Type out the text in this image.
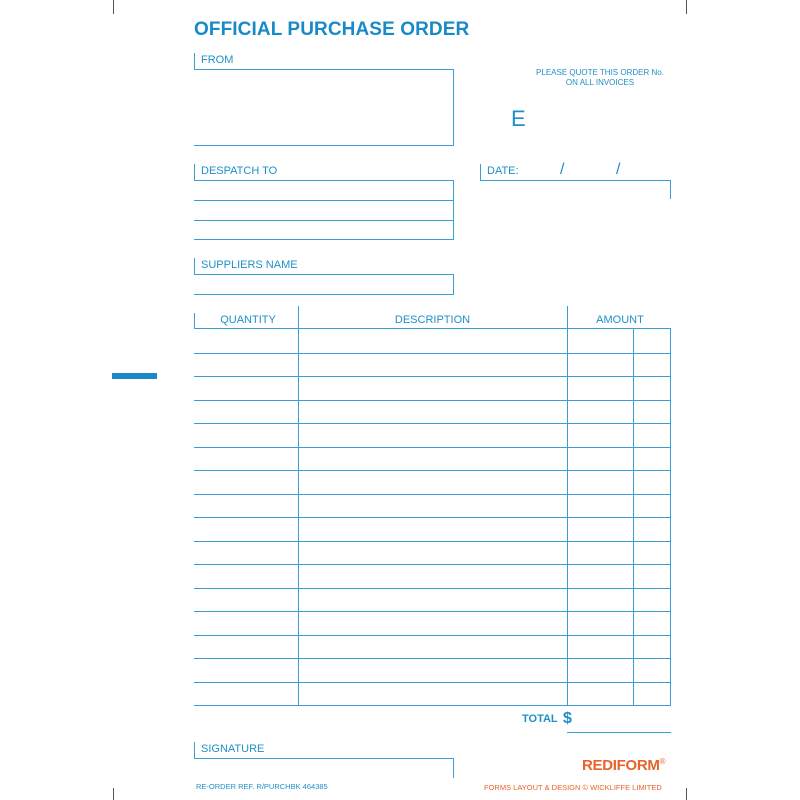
OFFICIAL PURCHASE ORDER
FROM
PLEASE QUOTE THIS ORDER No.
ON ALL INVOICES
E
DESPATCH TO	DATE:	/	/
SUPPLIERS NAME
QUANTITY	DESCRIPTION	AMOUNT
TOTAL $
SIGNATURE
RE-ORDER REF. R/PURCHBK 464385
REDIFORM®
FORMS LAYOUT & DESIGN © WICKLIFFE LIMITED
